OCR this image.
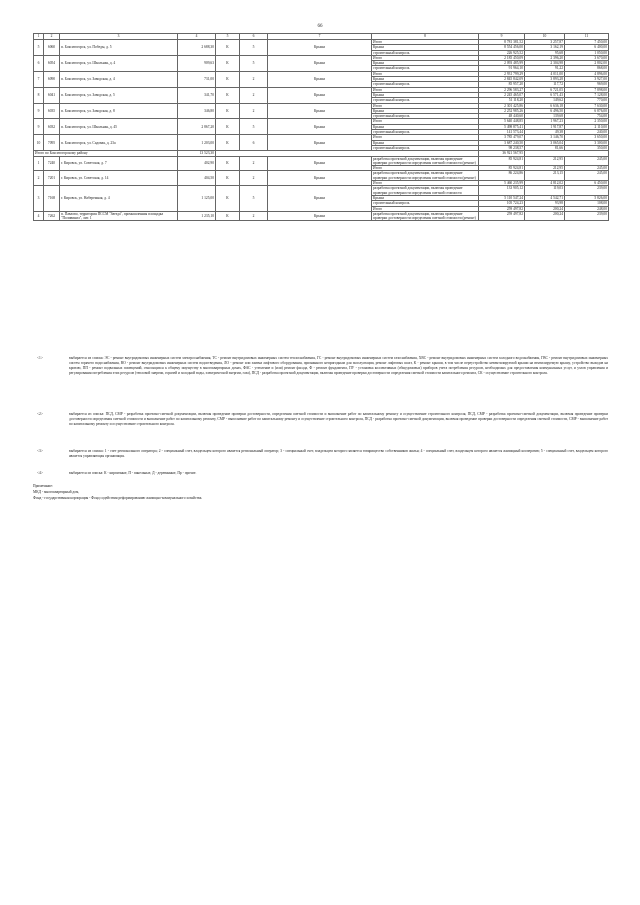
66
1	2	3	4	5	6	7	8	9	10	11
5	6060	п. Бокситогорск, ул. Победы, д. 5	2 688,30	К	5	Крыша	Итого	8 781 381,52	3 257,87	7 450,00
							Крыша	8 554 456,00	3 162,19	6 400,00
							строительный контроль	226 925,52	95,68	1 050,00
6	6054	п. Бокситогорск, ул. Школьная, д. 4	909,63	К	5	Крыша	Итого	2 185 450,09	2 396,20	3 670,00
							Крыша	2 093 485,99	2 304,98	2 802,00
							строительный контроль	91 964,10	91,22	868,00
7	6090	п. Бокситогорск, ул. Заводская, д. 4	731,00	К	2	Крыша	Итого	2 931 799,29	4 011,00	4 896,00
							Крыша	2 845 842,09	3 893,28	3 927,00
							строительный контроль	85 957,20	117,72	969,00
8	6041	п. Бокситогорск, ул. Заводская, д. 5	341,70	К	2	Крыша	Итого	2 296 583,27	6 721,05	7 898,00
							Крыша	2 245 465,07	6 571,43	7 128,00
							строительный контроль	51 118,20	149,62	770,00
9	6035	п. Бокситогорск, ул. Заводская, д. 8	346,80	К	2	Крыша	Итого	2 301 425,86	6 636,18	7 630,00
							Крыша	2 252 985,26	6 496,50	6 876,00
							строительный контроль	48 440,60	139,68	754,00
9	6032	п. Бокситогорск, ул. Школьная, д. 45	2 867,20	К	5	Крыша	Итого	5 640 448,85	1 967,23	2 350,00
							Крыша	5 498 875,41	1 917,87	2 110,00
							строительный контроль	141 573,44	49,38	240,00
10	7095	п. Бокситогорск, ул. Садовая, д. 23а	1 203,00	К	6	Крыша	Итого	3 785 479,07	3 146,70	3 650,00
							Крыша	3 687 240,50	3 065,04	3 300,00
							строительный контроль	98 238,57	81,66	350,00
Итого по Бокситогорскому району			13 523,30					36 921 567,95		
1	7240	г. Кировск, ул. Советская, д. 7	402,90	К	2	Крыша	разработка проектной документации, включая проведение проверки достоверности определения сметной стоимости (ремонт)	85 924,81	212,95	245,00
							Итого	85 924,81	212,95	245,00
2	7201	г. Кировск, ул. Советская, д. 14	404,50	К	2	Крыша	разработка проектной документации, включая проведение проверки достоверности определения сметной стоимости (ремонт)	86 224,86	213,15	245,00
							Итого	5 460 235,99	4 812,02	6 450,00
3	7168	г. Кировск, ул. Набережная, д. 4	1 125,00	К	5	Крыша	разработка проектной документации, включая проведение проверки достоверности определения сметной стоимости	133 905,12	119,03	239,00
							Крыша	5 110 547,24	4 542,71	5 826,00
							строительный контроль	105 724,23	93,98	108,00
							Итого	259 497,82	200,24	248,00
4	7262	п. Павлово, территория ПССМ "Звезда", промышленная площадка "Поливинил", лит. 1	1 235,10	К	2	Крыша	разработка проектной документации, включая проведение проверки достоверности определения сметной стоимости (ремонт)	259 497,82	200,24	239,00
<1>	выбирается из списка: ЭС - ремонт внутридомовых инженерных систем электроснабжения, ТС - ремонт внутридомовых инженерных систем теплоснабжения, ГС - ремонт внутридомовых инженерных систем газоснабжения, ХВС - ремонт внутридомовых инженерных систем холодного водоснабжения, ГВС - ремонт внутридомовых инженерных систем горячего водоснабжения, ВО - ремонт внутридомовых инженерных систем водоотведения, ЛО - ремонт или замена лифтового оборудования, признанного непригодным для эксплуатации, ремонт лифтовых шахт, К - ремонт крыши, в том числе переустройство невентилируемой крыши на вентилируемую крышу, устройство выходов на кровлю, ПП - ремонт подвальных помещений, относящихся к общему имуществу в многоквартирных домах, ФАС - утепление и (или) ремонт фасада, Ф - ремонт фундамента, ПУ - установка коллективных (общедомовых) приборов учета потребления ресурсов, необходимых для предоставления коммунальных услуг, и узлов управления и регулирования потребления этих ресурсов (тепловой энергии, горячей и холодной воды, электрической энергии, газа), ПСД - разработка проектной документации, включая проведение проверки достоверности определения сметной стоимости капитального ремонта, СК - осуществление строительного контроля.
<2>	выбирается из списка: ПСД, СМР - разработка проектно-сметной документации, включая проведение проверки достоверности, определения сметной стоимости и выполнение работ по капитальному ремонту и осуществление строительного контроля, ПСД, СМР - разработка проектно-сметной документации, включая проведение проверки достоверности определения сметной стоимости и выполнение работ по капитальному ремонту, СМР - выполнение работ по капитальному ремонту и осуществление строительного контроля, ПСД - разработка проектно-сметной документации, включая проведение проверки достоверности определения сметной стоимости, СМР - выполнение работ по капитальному ремонту и осуществление строительного контроля.
<3>	выбирается из списка: 1 - счет регионального оператора; 2 - специальный счет, владельцем которого является региональный оператор; 3 - специальный счет, владельцем которого является товарищество собственников жилья; 4 - специальный счет, владельцем которого является жилищный кооператив; 5 - специальный счет, владельцем которого является управляющая организация.
<4>	выбирается из списка: К - кирпичные, П - панельные, Д - деревянные, Пр - прочие.
Примечание:
МКД - многоквартирный дом,
Фонд - государственная корпорация - Фонд содействия реформированию жилищно-коммунального хозяйства.
